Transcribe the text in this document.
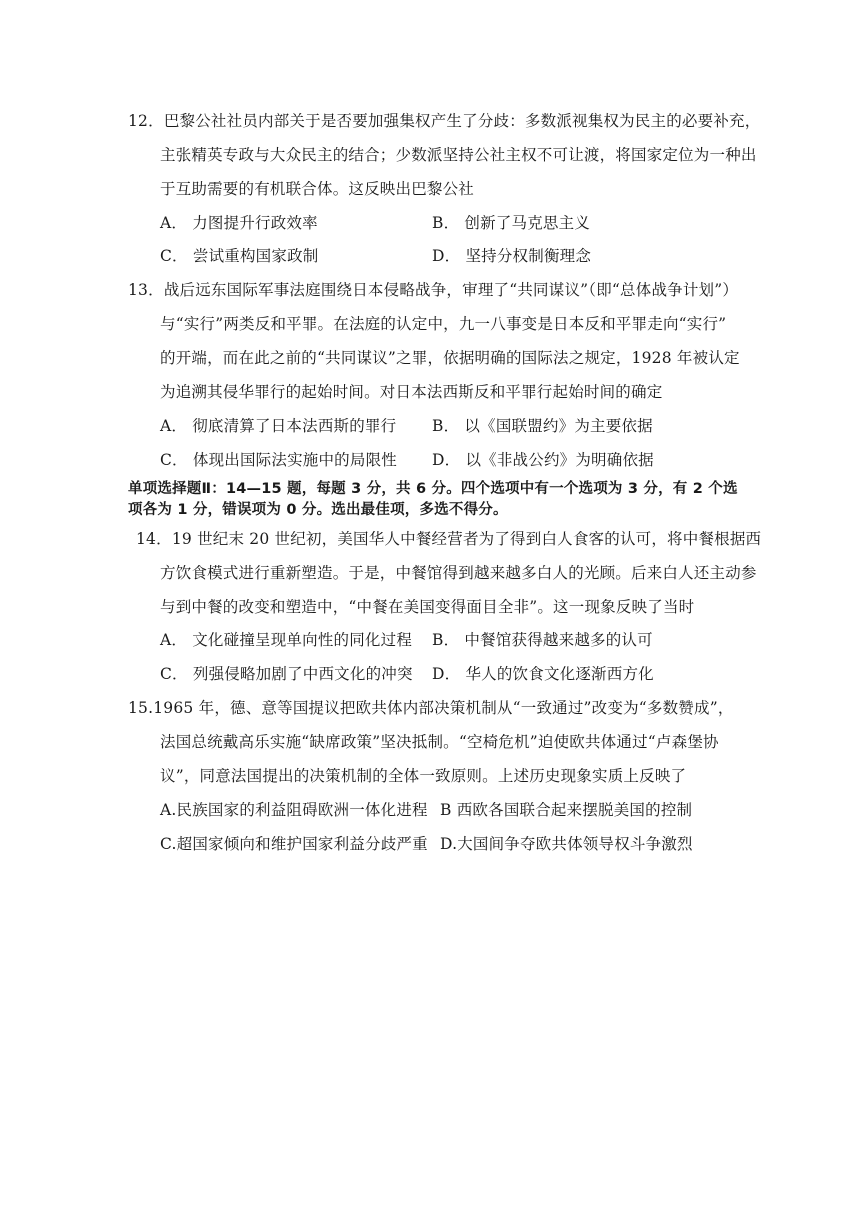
12．巴黎公社社员内部关于是否要加强集权产生了分歧：多数派视集权为民主的必要补充，
主张精英专政与大众民主的结合；少数派坚持公社主权不可让渡，将国家定位为一种出
于互助需要的有机联合体。这反映出巴黎公社
A． 力图提升行政效率	B． 创新了马克思主义
C． 尝试重构国家政制	D． 坚持分权制衡理念
13．战后远东国际军事法庭围绕日本侵略战争，审理了“共同谋议”（即“总体战争计划”）
与“实行”两类反和平罪。在法庭的认定中，九一八事变是日本反和平罪走向“实行”
的开端，而在此之前的“共同谋议”之罪，依据明确的国际法之规定，1928 年被认定
为追溯其侵华罪行的起始时间。对日本法西斯反和平罪行起始时间的确定
A． 彻底清算了日本法西斯的罪行 B． 以《国联盟约》为主要依据
C． 体现出国际法实施中的局限性 D． 以《非战公约》为明确依据
单项选择题Ⅱ：14—15 题，每题 3 分，共 6 分。四个选项中有一个选项为 3 分，有 2 个选
项各为 1 分，错误项为 0 分。选出最佳项，多选不得分。
14．19 世纪末 20 世纪初，美国华人中餐经营者为了得到白人食客的认可，将中餐根据西
方饮食模式进行重新塑造。于是，中餐馆得到越来越多白人的光顾。后来白人还主动参
与到中餐的改变和塑造中，“中餐在美国变得面目全非”。这一现象反映了当时
A． 文化碰撞呈现单向性的同化过程 B． 中餐馆获得越来越多的认可
C． 列强侵略加剧了中西文化的冲突 D． 华人的饮食文化逐渐西方化
15.1965 年，德、意等国提议把欧共体内部决策机制从“一致通过”改变为“多数赞成”，
法国总统戴高乐实施“缺席政策”坚决抵制。“空椅危机”迫使欧共体通过“卢森堡协
议”，同意法国提出的决策机制的全体一致原则。上述历史现象实质上反映了
A.民族国家的利益阻碍欧洲一体化进程 B 西欧各国联合起来摆脱美国的控制
C.超国家倾向和维护国家利益分歧严重 D.大国间争夺欧共体领导权斗争激烈
